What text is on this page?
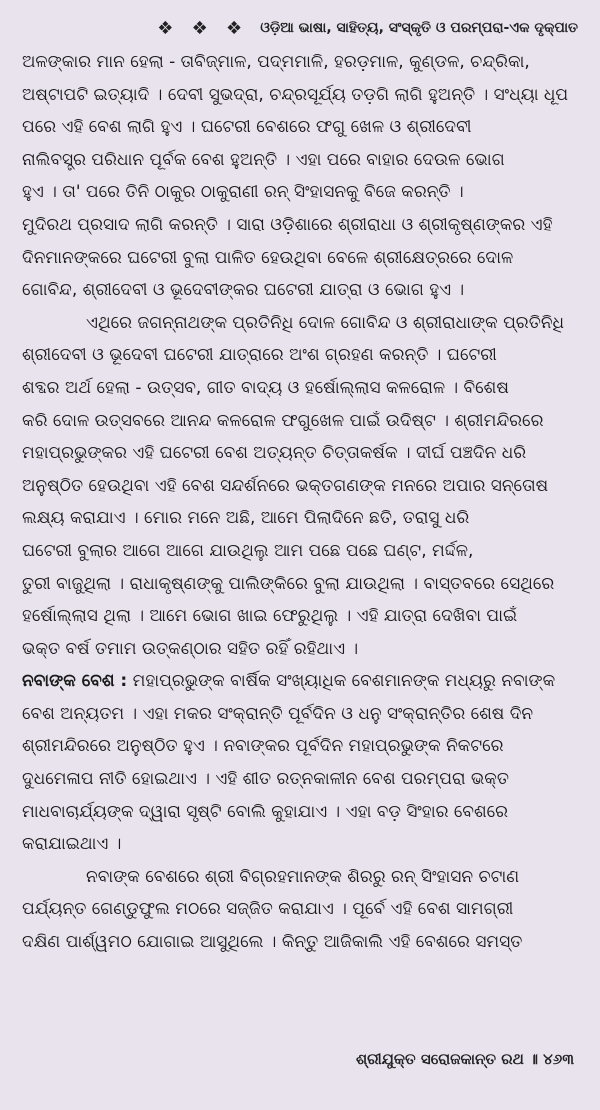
❖ ❖ ❖ ଓଡ଼ିଆ ଭାଷା, ସାହିତ୍ୟ, ସଂସ୍କୃତି ଓ ପରମ୍ପରା-ଏକ ଦୃକ୍‌ପାତ
ଅଳଙ୍କାର ମାନ ହେଲା - ତାବିଜ୍‌ମାଳ, ପଦ୍ମମାଳି, ହରଡ଼ମାଳ, କୁଣ୍ଡଳ, ଚନ୍ଦ୍ରିକା,
ଅଷ୍ଟାପଟି ଇତ୍ୟାଦି । ଦେବୀ ସୁଭଦ୍ରା, ଚନ୍ଦ୍ରସୂର୍ଯ୍ୟ ତଡ଼ଗି ଲାଗି ହୁଅନ୍ତି । ସଂଧ୍ୟା ଧୂପ
ପରେ ଏହି ବେଶ ଲାଗି ହୁଏ । ଘଟେରୀ ବେଶରେ ଫଗୁ ଖେଳ ଓ ଶ୍ରୀଦେବୀ
ନାଲିବସ୍ତ୍ର ପରିଧାନ ପୂର୍ବକ ବେଶ ହୁଅନ୍ତି । ଏହା ପରେ ବାହାର ଦେଉଳ ଭୋଗ
ହୁଏ । ତା' ପରେ ତିନି ଠାକୁର ଠାକୁରାଣୀ ରନ୍ ସିଂହାସନକୁ ବିଜେ କରନ୍ତି ।
ମୁଦିରଥ ପ୍ରସାଦ ଲାଗି କରନ୍ତି । ସାରା ଓଡ଼ିଶାରେ ଶ୍ରୀରାଧା ଓ ଶ୍ରୀକୃଷ୍ଣଙ୍କର ଏହି
ଦିନମାନଙ୍କରେ ଘଟେରୀ ବୁଲା ପାଳିତ ହେଉଥିବା ବେଳେ ଶ୍ରୀକ୍ଷେତ୍ରରେ ଦୋଳ
ଗୋବିନ୍ଦ, ଶ୍ରୀଦେବୀ ଓ ଭୂଦେବୀଙ୍କର ଘଟେରୀ ଯାତ୍ରା ଓ ଭୋଗ ହୁଏ ।
ଏଥିରେ ଜଗନ୍ନାଥଙ୍କ ପ୍ରତିନିଧି ଦୋଳ ଗୋବିନ୍ଦ ଓ ଶ୍ରୀରାଧାଙ୍କ ପ୍ରତିନିଧି
ଶ୍ରୀଦେବୀ ଓ ଭୂଦେବୀ ଘଟେରୀ ଯାତ୍ରାରେ ଅଂଶ ଗ୍ରହଣ କରନ୍ତି । ଘଟେରୀ
ଶବ୍ଦର ଅର୍ଥ ହେଲା - ଉତ୍ସବ, ଗୀତ ବାଦ୍ୟ ଓ ହର୍ଷୋଲ୍ଲାସ କଳରୋଳ । ବିଶେଷ
କରି ଦୋଳ ଉତ୍ସବରେ ଆନନ୍ଦ କଳରୋଳ ଫଗୁଖେଳ ପାଇଁ ଉଦିଷ୍ଟ । ଶ୍ରୀମନ୍ଦିରରେ
ମହାପ୍ରଭୁଙ୍କର ଏହି ଘଟେରୀ ବେଶ ଅତ୍ୟନ୍ତ ଚିତ୍ତାକର୍ଷକ । ଦୀର୍ଘ ପଞ୍ଚଦିନ ଧରି
ଅନୁଷ୍ଠିତ ହେଉଥିବା ଏହି ବେଶ ସନ୍ଦର୍ଶନରେ ଭକ୍ତଗଣଙ୍କ ମନରେ ଅପାର ସନ୍ତୋଷ
ଲକ୍ଷ୍ୟ କରାଯାଏ । ମୋର ମନେ ଅଛି, ଆମେ ପିଲାଦିନେ ଛତି, ତରାସୁ ଧରି
ଘଟେରୀ ବୁଲାର ଆଗେ ଆଗେ ଯାଉଥିଲୁ ଆମ ପଛେ ପଛେ ଘଣ୍ଟ, ମର୍ଦ୍ଦଳ,
ତୁରୀ ବାଜୁଥିଲା । ରାଧାକୃଷ୍ଣଙ୍କୁ ପାଲିଙ୍କିରେ ବୁଲା ଯାଉଥିଲା । ବାସ୍ତବରେ ସେଥିରେ
ହର୍ଷୋଲ୍ଲାସ ଥିଲା । ଆମେ ଭୋଗ ଖାଇ ଫେରୁଥିଲୁ । ଏହି ଯାତ୍ରା ଦେଖିବା ପାଇଁ
ଭକ୍ତ ବର୍ଷ ତମାମ ଉତ୍କଣ୍ଠାର ସହିତ ରହିଁ ରହିଥାଏ ।
ନବାଙ୍କ ବେଶ : ମହାପ୍ରଭୁଙ୍କ ବାର୍ଷିକ ସଂଖ୍ୟାଧିକ ବେଶମାନଙ୍କ ମଧ୍ୟରୁ ନବାଙ୍କ
ବେଶ ଅନ୍ୟତମ । ଏହା ମକର ସଂକ୍ରାନ୍ତି ପୂର୍ବଦିନ ଓ ଧନୁ ସଂକ୍ରାନ୍ତିର ଶେଷ ଦିନ
ଶ୍ରୀମନ୍ଦିରରେ ଅନୁଷ୍ଠିତ ହୁଏ । ନବାଙ୍କର ପୂର୍ବଦିନ ମହାପ୍ରଭୁଙ୍କ ନିକଟରେ
ଦୁଧମେଳାପ ନୀତି ହୋଇଥାଏ । ଏହି ଶୀତ ରତ୍ନକାଳୀନ ବେଶ ପରମ୍ପରା ଭକ୍ତ
ମାଧବାଚାର୍ଯ୍ୟଙ୍କ ଦ୍ୱାରା ସୃଷ୍ଟି ବୋଲି କୁହାଯାଏ । ଏହା ବଡ଼ ସିଂହାର ବେଶରେ
କରାଯାଇଥାଏ ।
ନବାଙ୍କ ବେଶରେ ଶ୍ରୀ ବିଗ୍ରହମାନଙ୍କ ଶିରରୁ ରନ୍ ସିଂହାସନ ଚଟାଣ
ପର୍ଯ୍ୟନ୍ତ ଗେଣ୍ଡୁଫୁଲ ମଠରେ ସଜ୍ଜିତ କରାଯାଏ । ପୂର୍ବେ ଏହି ବେଶ ସାମଗ୍ରୀ
ଦକ୍ଷିଣ ପାର୍ଶ୍ୱମଠ ଯୋଗାଇ ଆସୁଥିଲେ । କିନ୍ତୁ ଆଜିକାଲି ଏହି ବେଶରେ ସମସ୍ତ
ଶ୍ରୀଯୁକ୍ତ ସରୋଜକାନ୍ତ ରଥ ॥ ୪୬୩
